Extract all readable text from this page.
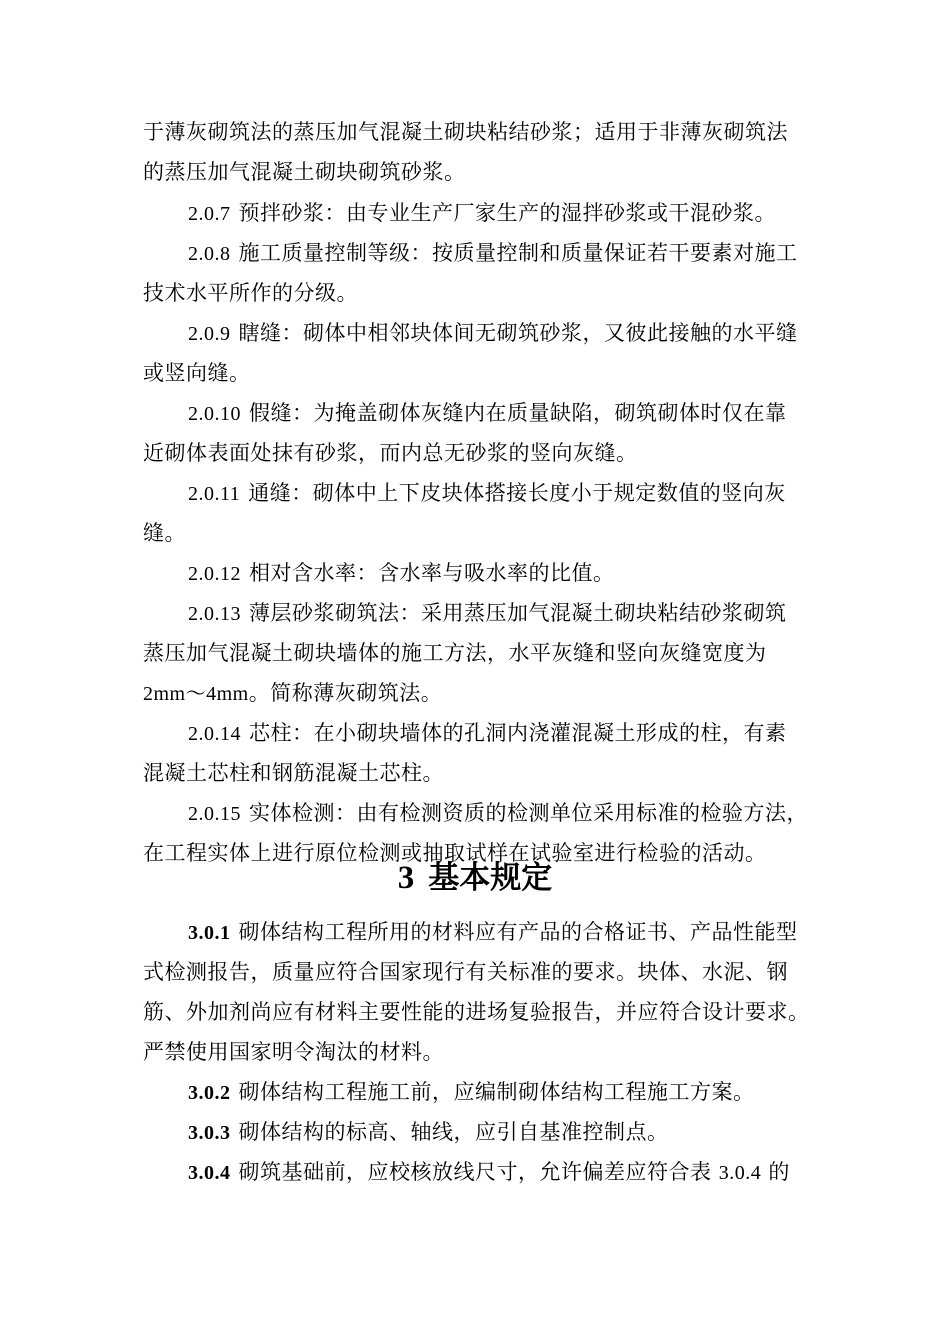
于薄灰砌筑法的蒸压加气混凝土砌块粘结砂浆；适用于非薄灰砌筑法
的蒸压加气混凝土砌块砌筑砂浆。
2.0.7 预拌砂浆：由专业生产厂家生产的湿拌砂浆或干混砂浆。
2.0.8 施工质量控制等级：按质量控制和质量保证若干要素对施工
技术水平所作的分级。
2.0.9 瞎缝：砌体中相邻块体间无砌筑砂浆，又彼此接触的水平缝
或竖向缝。
2.0.10 假缝：为掩盖砌体灰缝内在质量缺陷，砌筑砌体时仅在靠
近砌体表面处抹有砂浆，而内总无砂浆的竖向灰缝。
2.0.11 通缝：砌体中上下皮块体搭接长度小于规定数值的竖向灰
缝。
2.0.12 相对含水率：含水率与吸水率的比值。
2.0.13 薄层砂浆砌筑法：采用蒸压加气混凝土砌块粘结砂浆砌筑
蒸压加气混凝土砌块墙体的施工方法，水平灰缝和竖向灰缝宽度为
2mm～4mm。简称薄灰砌筑法。
2.0.14 芯柱：在小砌块墙体的孔洞内浇灌混凝土形成的柱，有素
混凝土芯柱和钢筋混凝土芯柱。
2.0.15 实体检测：由有检测资质的检测单位采用标准的检验方法，
在工程实体上进行原位检测或抽取试样在试验室进行检验的活动。
3 基本规定
3.0.1 砌体结构工程所用的材料应有产品的合格证书、产品性能型
式检测报告，质量应符合国家现行有关标准的要求。块体、水泥、钢
筋、外加剂尚应有材料主要性能的进场复验报告，并应符合设计要求。
严禁使用国家明令淘汰的材料。
3.0.2 砌体结构工程施工前，应编制砌体结构工程施工方案。
3.0.3 砌体结构的标高、轴线，应引自基准控制点。
3.0.4 砌筑基础前，应校核放线尺寸，允许偏差应符合表 3.0.4 的
